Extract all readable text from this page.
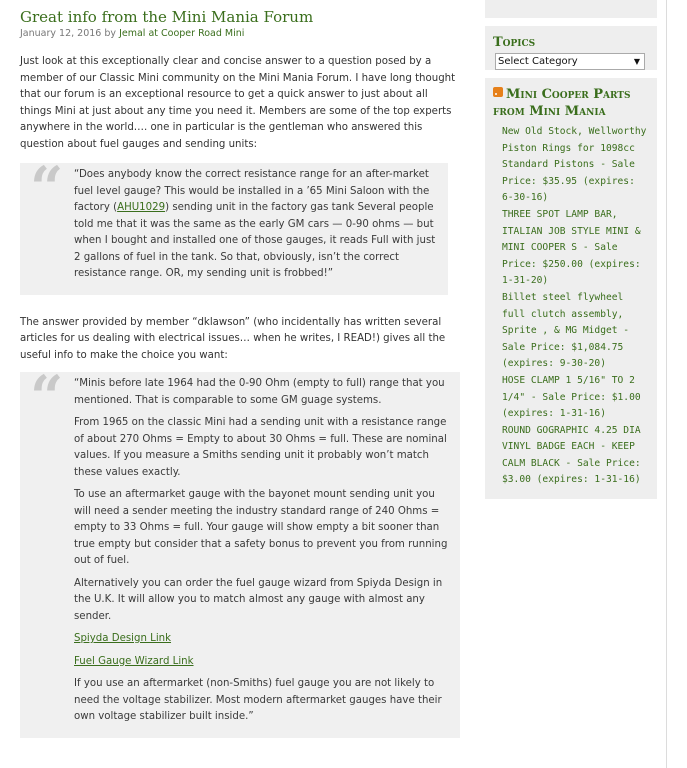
Great info from the Mini Mania Forum
January 12, 2016 by Jemal at Cooper Road Mini

Just look at this exceptionally clear and concise answer to a question posed by a member of our Classic Mini community on the Mini Mania Forum. I have long thought that our forum is an exceptional resource to get a quick answer to just about all things Mini at just about any time you need it. Members are some of the top experts anywhere in the world…. one in particular is the gentleman who answered this question about fuel gauges and sending units:

“ “Does anybody know the correct resistance range for an after-market fuel level gauge? This would be installed in a ’65 Mini Saloon with the factory (AHU1029) sending unit in the factory gas tank Several people told me that it was the same as the early GM cars — 0-90 ohms — but when I bought and installed one of those gauges, it reads Full with just 2 gallons of fuel in the tank. So that, obviously, isn’t the correct resistance range. OR, my sending unit is frobbed!”

The answer provided by member “dklawson” (who incidentally has written several articles for us dealing with electrical issues… when he writes, I READ!) gives all the useful info to make the choice you want:

“ “Minis before late 1964 had the 0-90 Ohm (empty to full) range that you mentioned. That is comparable to some GM guage systems.

From 1965 on the classic Mini had a sending unit with a resistance range of about 270 Ohms = Empty to about 30 Ohms = full. These are nominal values. If you measure a Smiths sending unit it probably won’t match these values exactly.

To use an aftermarket gauge with the bayonet mount sending unit you will need a sender meeting the industry standard range of 240 Ohms = empty to 33 Ohms = full. Your gauge will show empty a bit sooner than true empty but consider that a safety bonus to prevent you from running out of fuel.

Alternatively you can order the fuel gauge wizard from Spiyda Design in the U.K. It will allow you to match almost any gauge with almost any sender.

Spiyda Design Link

Fuel Gauge Wizard Link

If you use an aftermarket (non-Smiths) fuel gauge you are not likely to need the voltage stabilizer. Most modern aftermarket gauges have their own voltage stabilizer built inside.”

Topics
Select Category	▼
Mini Cooper Parts from Mini Mania
New Old Stock, Wellworthy Piston Rings for 1098cc Standard Pistons - Sale Price: $35.95 (expires: 6-30-16)
THREE SPOT LAMP BAR, ITALIAN JOB STYLE MINI & MINI COOPER S - Sale Price: $250.00 (expires: 1-31-20)
Billet steel flywheel full clutch assembly, Sprite , & MG Midget - Sale Price: $1,084.75 (expires: 9-30-20)
HOSE CLAMP 1 5/16" TO 2 1/4" - Sale Price: $1.00 (expires: 1-31-16)
ROUND GOGRAPHIC 4.25 DIA VINYL BADGE EACH - KEEP CALM BLACK - Sale Price: $3.00 (expires: 1-31-16)
